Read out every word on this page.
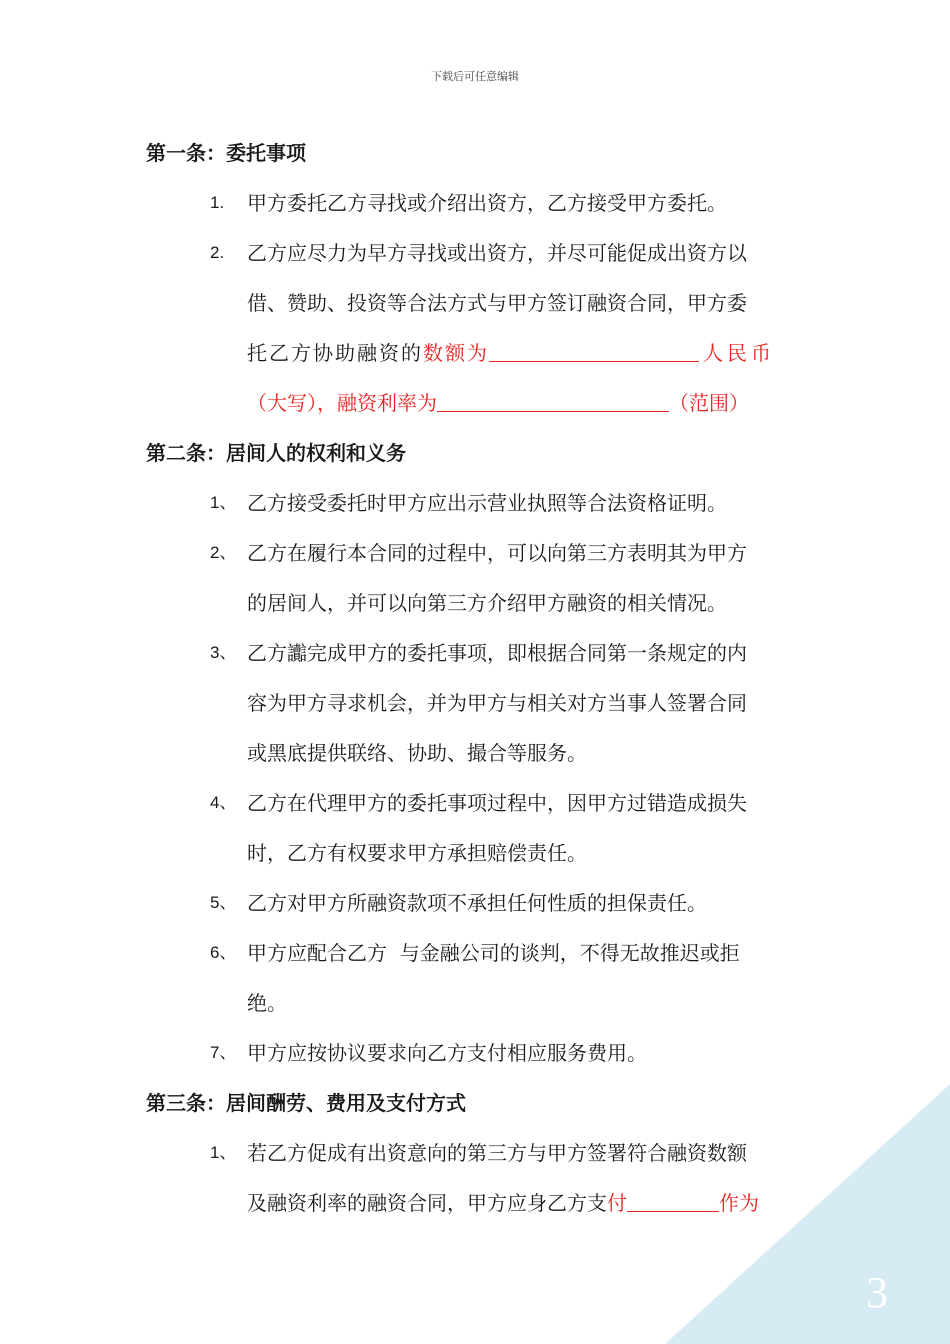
下载后可任意编辑
3
第一条：委托事项
1. 甲方委托乙方寻找或介绍出资方，乙方接受甲方委托。
2. 乙方应尽力为早方寻找或出资方，并尽可能促成出资方以
借、赞助、投资等合法方式与甲方签订融资合同，甲方委
托乙方协助融资的数额为	人民币
（大写），融资利率为	（范围）
第二条：居间人的权利和义务
1、 乙方接受委托时甲方应出示营业执照等合法资格证明。
2、 乙方在履行本合同的过程中，可以向第三方表明其为甲方
的居间人，并可以向第三方介绍甲方融资的相关情况。
3、 乙方讟完成甲方的委托事项，即根据合同第一条规定的内
容为甲方寻求机会，并为甲方与相关对方当事人签署合同
或黑底提供联络、协助、撮合等服务。
4、 乙方在代理甲方的委托事项过程中，因甲方过错造成损失
时，乙方有权要求甲方承担赔偿责任。
5、 乙方对甲方所融资款项不承担任何性质的担保责任。
6、 甲方应配合乙方  与金融公司的谈判，不得无故推迟或拒
绝。
7、 甲方应按协议要求向乙方支付相应服务费用。
第三条：居间酬劳、费用及支付方式
1、 若乙方促成有出资意向的第三方与甲方签署符合融资数额
及融资利率的融资合同，甲方应身乙方支付	作为
